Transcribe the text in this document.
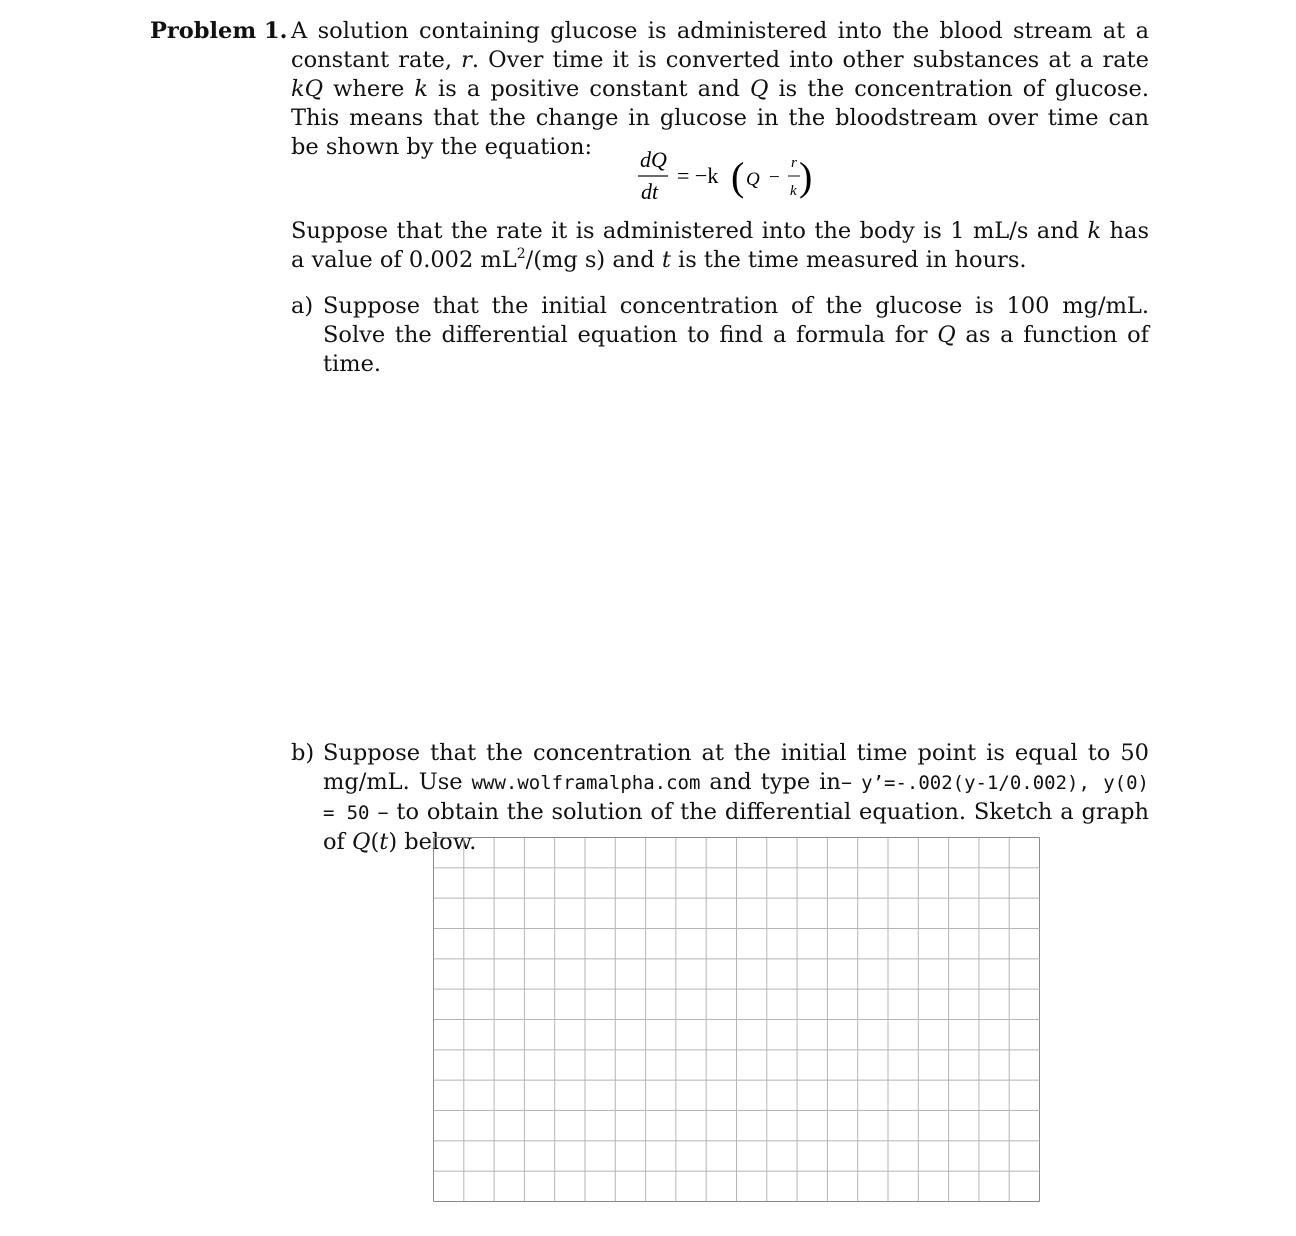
Problem 1. A solution containing glucose is administered into the blood stream at a constant rate, r. Over time it is converted into other substances at a rate kQ where k is a positive constant and Q is the concentration of glucose. This means that the change in glucose in the bloodstream over time can be shown by the equation:	dQ
dt
= −k ( Q −
r
k )
Suppose that the rate it is administered into the body is 1 mL/s and k has a value of 0.002 $mL^2/(mg$ s) and t is the time measured in hours.
a) Suppose that the initial concentration of the glucose is 100 mg/mL. Solve the differential equation to find a formula for Q as a function of time.
b) Suppose that the concentration at the initial time point is equal to 50 mg/mL. Use www.wolframalpha.com and type in– y’=-.002(y-1/0.002), y(0) = 50 – to obtain the solution of the differential equation. Sketch a graph of Q(t) below.
